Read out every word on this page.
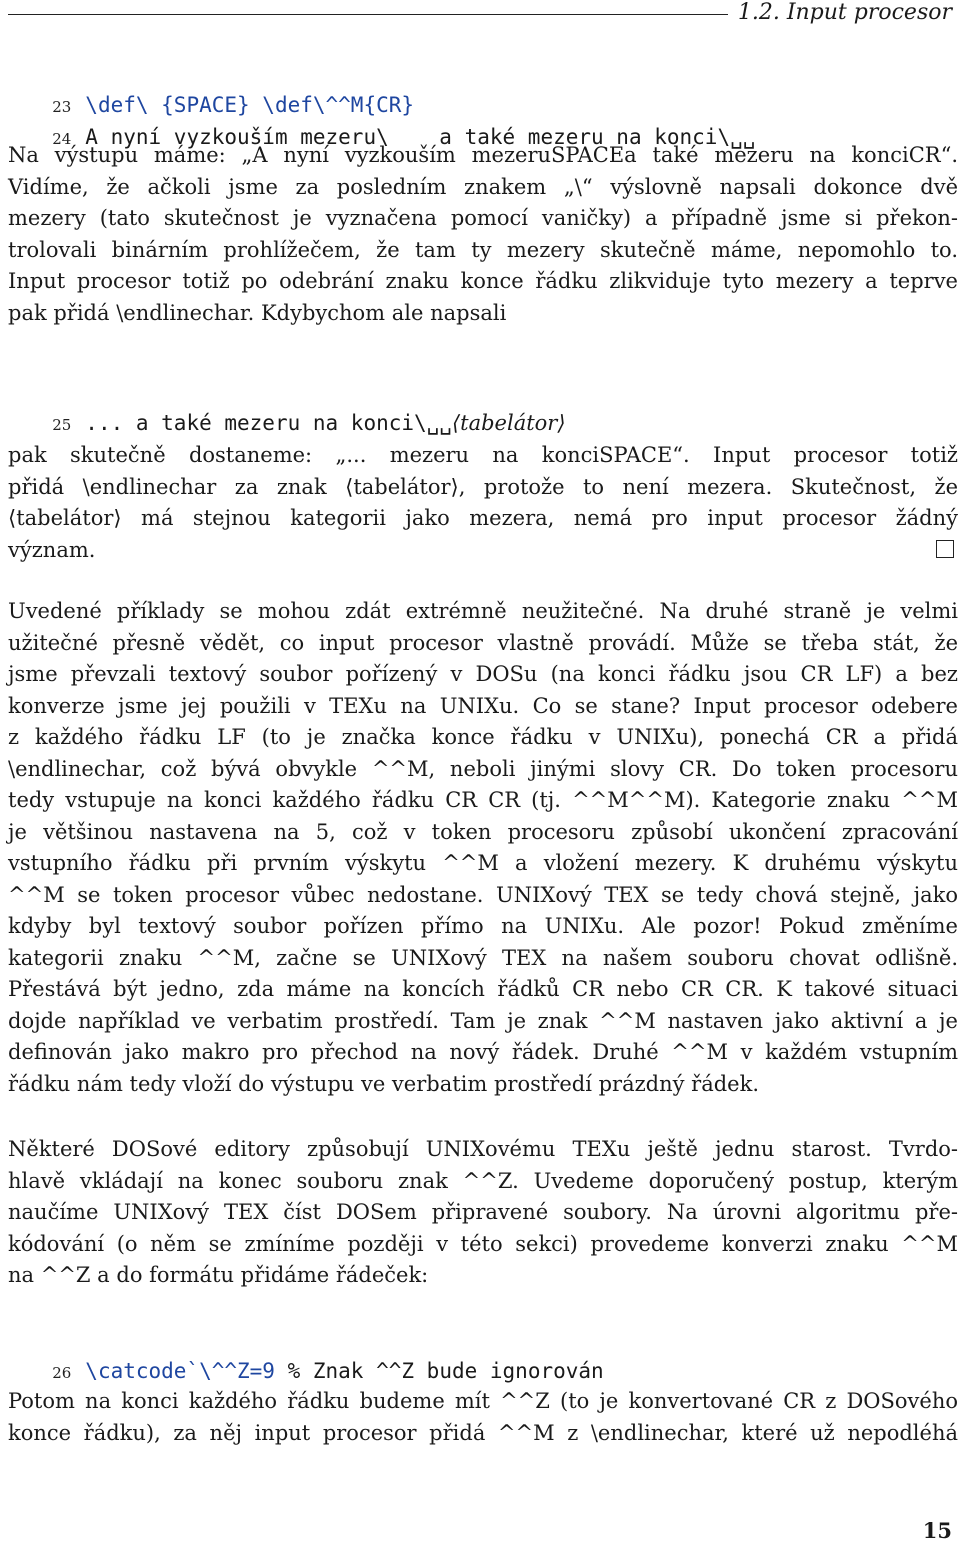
1.2. Input procesor

23 \def\ {SPACE} \def\^^M{CR}

24 A nyní vyzkouším mezeru\    a také mezeru na konci\␣␣

Na výstupu máme: „A nyní vyzkouším mezeruSPACEa také mezeru na konciCR“.
Vidíme, že ačkoli jsme za posledním znakem „\“ výslovně napsali dokonce dvě
mezery (tato skutečnost je vyznačena pomocí vaničky) a případně jsme si překon-
trolovali binárním prohlížečem, že tam ty mezery skutečně máme, nepomohlo to.
Input procesor totiž po odebrání znaku konce řádku zlikviduje tyto mezery a teprve
pak přidá \endlinechar. Kdybychom ale napsali

25 ... a také mezeru na konci\␣␣⟨tabelátor⟩

pak skutečně dostaneme: „... mezeru na konciSPACE“. Input procesor totiž
přidá \endlinechar za znak ⟨tabelátor⟩, protože to není mezera. Skutečnost, že
⟨tabelátor⟩ má stejnou kategorii jako mezera, nemá pro input procesor žádný
význam.
Uvedené příklady se mohou zdát extrémně neužitečné. Na druhé straně je velmi
užitečné přesně vědět, co input procesor vlastně provádí. Může se třeba stát, že
jsme převzali textový soubor pořízený v DOSu (na konci řádku jsou CR LF) a bez
konverze jsme jej použili v TEXu na UNIXu. Co se stane? Input procesor odebere
z každého řádku LF (to je značka konce řádku v UNIXu), ponechá CR a přidá
\endlinechar, což bývá obvykle ^^M, neboli jinými slovy CR. Do token procesoru
tedy vstupuje na konci každého řádku CR CR (tj. ^^M^^M). Kategorie znaku ^^M
je většinou nastavena na 5, což v token procesoru způsobí ukončení zpracování
vstupního řádku při prvním výskytu ^^M a vložení mezery. K druhému výskytu
^^M se token procesor vůbec nedostane. UNIXový TEX se tedy chová stejně, jako
kdyby byl textový soubor pořízen přímo na UNIXu. Ale pozor! Pokud změníme
kategorii znaku ^^M, začne se UNIXový TEX na našem souboru chovat odlišně.
Přestává být jedno, zda máme na koncích řádků CR nebo CR CR. K takové situaci
dojde například ve verbatim prostředí. Tam je znak ^^M nastaven jako aktivní a je
definován jako makro pro přechod na nový řádek. Druhé ^^M v každém vstupním
řádku nám tedy vloží do výstupu ve verbatim prostředí prázdný řádek.
Některé DOSové editory způsobují UNIXovému TEXu ještě jednu starost. Tvrdo-
hlavě vkládají na konec souboru znak ^^Z. Uvedeme doporučený postup, kterým
naučíme UNIXový TEX číst DOSem připravené soubory. Na úrovni algoritmu pře-
kódování (o něm se zmíníme později v této sekci) provedeme konverzi znaku ^^M
na ^^Z a do formátu přidáme řádeček:

26 \catcode`\^^Z=9 % Znak ^^Z bude ignorován

Potom na konci každého řádku budeme mít ^^Z (to je konvertované CR z DOSového
konce řádku), za něj input procesor přidá ^^M z \endlinechar, které už nepodléhá
15
